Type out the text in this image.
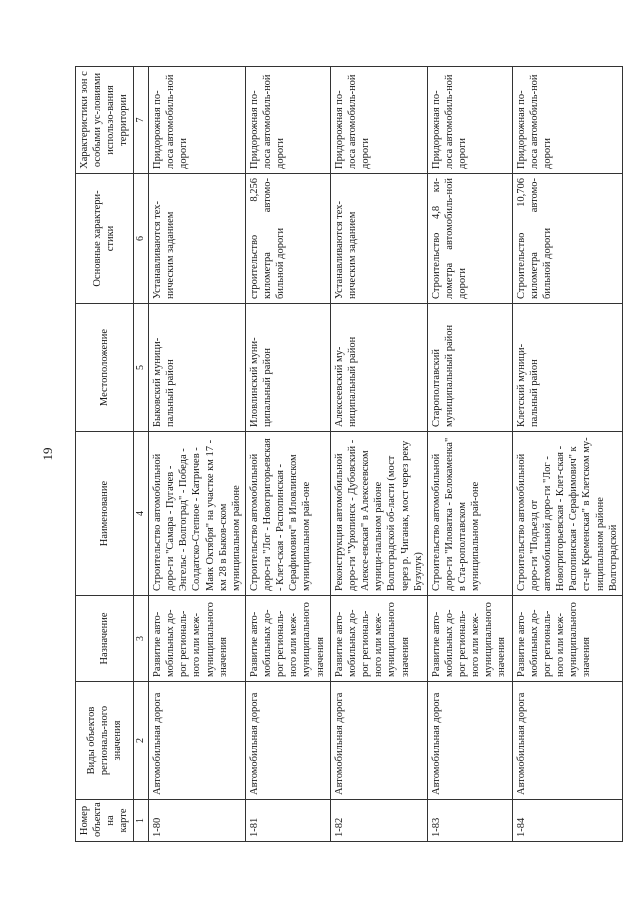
19
Номер объекта на карте	Виды объектов региональ-ного значения	Назначение	Наименование	Местоположение	Основные характери-стики	Характеристики зон с особыми ус-ловиями использо-вания территории
1	2	3	4	5	6	7
1-80	Автомобильная дорога	Развитие авто-мобильных до-рог региональ-ного или меж-муниципального значения	Строительство автомобильной доро-ги "Самара - Пугачев - Энгельс - Волгоград" - Победа - Солдатско-Степное - Катричев - Маяк Октября" на участке км 17 - км 28 в Быков-ском муниципальном районе	Быковский муници-пальный район	Устанавливаются тех-ническим заданием	Придорожная по-лоса автомобиль-ной дороги
1-81	Автомобильная дорога	Развитие авто-мобильных до-рог региональ-ного или меж-муниципального значения	Строительство автомобильной доро-ги "Лог - Новогригорьевская - Клет-ская - Распопинская - Серафимович" в Иловлинском муниципальном рай-оне	Иловлинский муни-ципальный район	строительство 8,256 километра автомо-бильной дороги	Придорожная по-лоса автомобиль-ной дороги
1-82	Автомобильная дорога	Развитие авто-мобильных до-рог региональ-ного или меж-муниципального значения	Реконструкция автомобильной доро-ги "Урюпинск - Дубовский - Алексе-евская" в Алексеевском муници-пальном районе Волгоградской об-ласти (мост через р. Чиганак, мост через реку Бузулук)	Алексеевский му-ниципальный район	Устанавливаются тех-ническим заданием	Придорожная по-лоса автомобиль-ной дороги
1-83	Автомобильная дорога	Развитие авто-мобильных до-рог региональ-ного или меж-муниципального значения	Строительство автомобильной доро-ги "Иловатка - Белокаменка" в Ста-рополтавском муниципальном рай-оне	Старополтавский муниципальный район	Строительство 4,8 ки-лометра автомобиль-ной дороги	Придорожная по-лоса автомобиль-ной дороги
1-84	Автомобильная дорога	Развитие авто-мобильных до-рог региональ-ного или меж-муниципального значения	Строительство автомобильной доро-ги "Подъезд от автомобильной доро-ги "Лог - Новогригорьевская - Клет-ская - Распопинская - Серафимович" к ст-це Кременская" в Клетском му-ниципальном районе Волгоградской	Клетский муници-пальный район	Строительство 10,706 километра автомо-бильной дороги	Придорожная по-лоса автомобиль-ной дороги
